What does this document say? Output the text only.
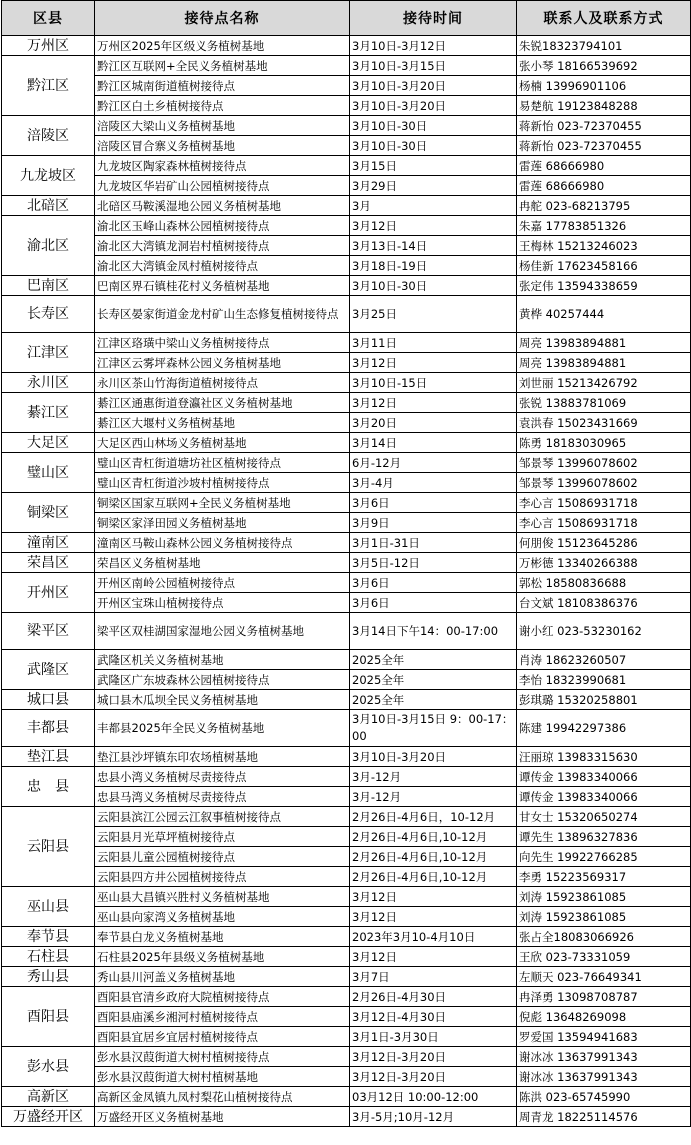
区县	接待点名称	接待时间	联系人及联系方式
万州区	万州区2025年区级义务植树基地	3月10日-3月12日	朱锐18323794101
黔江区	黔江区互联网+全民义务植树基地	3月10日-3月15日	张小琴 18166539692
	黔江区城南街道植树接待点	3月10日-3月20日	杨楠 13996901106
	黔江区白土乡植树接待点	3月10日-3月20日	易楚航 19123848288
涪陵区	涪陵区大梁山义务植树基地	3月10日-30日	蒋新怡 023-72370455
	涪陵区冒合寨义务植树基地	3月10日-30日	蒋新怡 023-72370455
九龙坡区	九龙坡区陶家森林植树接待点	3月15日	雷莲 68666980
	九龙坡区华岩矿山公园植树接待点	3月29日	雷莲 68666980
北碚区	北碚区马鞍溪湿地公园义务植树基地	3月	冉舵 023-68213795
渝北区	渝北区玉峰山森林公园植树接待点	3月12日	朱嘉 17783851326
	渝北区大湾镇龙洞岩村植树接待点	3月13日-14日	王梅林 15213246023
	渝北区大湾镇金凤村植树接待点	3月18日-19日	杨佳新 17623458166
巴南区	巴南区界石镇桂花村义务植树基地	3月10日-30日	张定伟 13594338659
长寿区	长寿区晏家街道金龙村矿山生态修复植树接待点	3月25日	黄桦 40257444
江津区	江津区珞璜中梁山义务植树接待点	3月11日	周亮 13983894881
	江津区云雾坪森林公园义务植树基地	3月12日	周亮 13983894881
永川区	永川区茶山竹海街道植树接待点	3月10日-15日	刘世丽 15213426792
綦江区	綦江区通惠街道登瀛社区义务植树基地	3月12日	张锐 13883781069
	綦江区大堰村义务植树基地	3月20日	袁洪春 15023431669
大足区	大足区西山林场义务植树基地	3月14日	陈勇 18183030965
璧山区	璧山区青杠街道塘坊社区植树接待点	6月-12月	邹景琴 13996078602
	璧山区青杠街道沙坡村植树接待点	3月-4月	邹景琴 13996078602
铜梁区	铜梁区国家互联网+全民义务植树基地	3月6日	李心言 15086931718
	铜梁区家泽田园义务植树基地	3月9日	李心言 15086931718
潼南区	潼南区马鞍山森林公园义务植树接待点	3月1日-31日	何朋俊 15123645286
荣昌区	荣昌区义务植树基地	3月5日-12日	万彬德 13340266388
开州区	开州区南岭公园植树接待点	3月6日	郭松 18580836688
	开州区宝珠山植树接待点	3月6日	台文斌 18108386376
梁平区	梁平区双桂湖国家湿地公园义务植树基地	3月14日下午14：00-17:00	谢小红 023-53230162
武隆区	武隆区机关义务植树基地	2025全年	肖涛 18623260507
	武隆区广东坡森林公园植树接待点	2025全年	李怡 18323990681
城口县	城口县木瓜坝全民义务植树基地	2025全年	彭琪璐 15320258801
丰都县	丰都县2025年全民义务植树基地	3月10日-3月15日 9：00-17：00	陈建 19942297386
垫江县	垫江县沙坪镇东印农场植树基地	3月10日-3月20日	汪丽琼 13983315630
忠　县	忠县小湾义务植树尽责接待点	3月-12月	谭传金 13983340066
	忠县马湾义务植树尽责接待点	3月-12月	谭传金 13983340066
云阳县	云阳县滨江公园云江叙事植树接待点	2月26日-4月6日，10-12月	甘女士 15320650274
	云阳县月光草坪植树接待点	2月26日-4月6日,10-12月	谭先生 13896327836
	云阳县儿童公园植树接待点	2月26日-4月6日,10-12月	向先生 19922766285
	云阳县四方井公园植树接待点	2月26日-4月6日,10-12月	李勇 15223569317
巫山县	巫山县大昌镇兴胜村义务植树基地	3月12日	刘涛 15923861085
	巫山县向家湾义务植树基地	3月12日	刘涛 15923861085
奉节县	奉节县白龙义务植树基地	2023年3月10-4月10日	张占全18083066926
石柱县	石柱县2025年县级义务植树基地	3月12日	王欣 023-73331059
秀山县	秀山县川河盖义务植树基地	3月7日	左顺天 023-76649341
酉阳县	酉阳县官清乡政府大院植树接待点	2月26日-4月30日	冉泽勇 13098708787
	酉阳县庙溪乡湘河村植树接待点	3月12日-4月30日	倪彪 13648269098
	酉阳县宜居乡宜居村植树接待点	3月1日-3月30日	罗爱国 13594941683
彭水县	彭水县汉葭街道大树村植树接待点	3月12日-3月20日	谢冰冰 13637991343
	彭水县汉葭街道大树村植树基地	3月12日-3月20日	谢冰冰 13637991343
高新区	高新区金凤镇九凤村梨花山植树接待点	03月12日 10:00-12:00	陈洪 023-65745990
万盛经开区	万盛经开区义务植树基地	3月-5月;10月-12月	周青龙 18225114576
